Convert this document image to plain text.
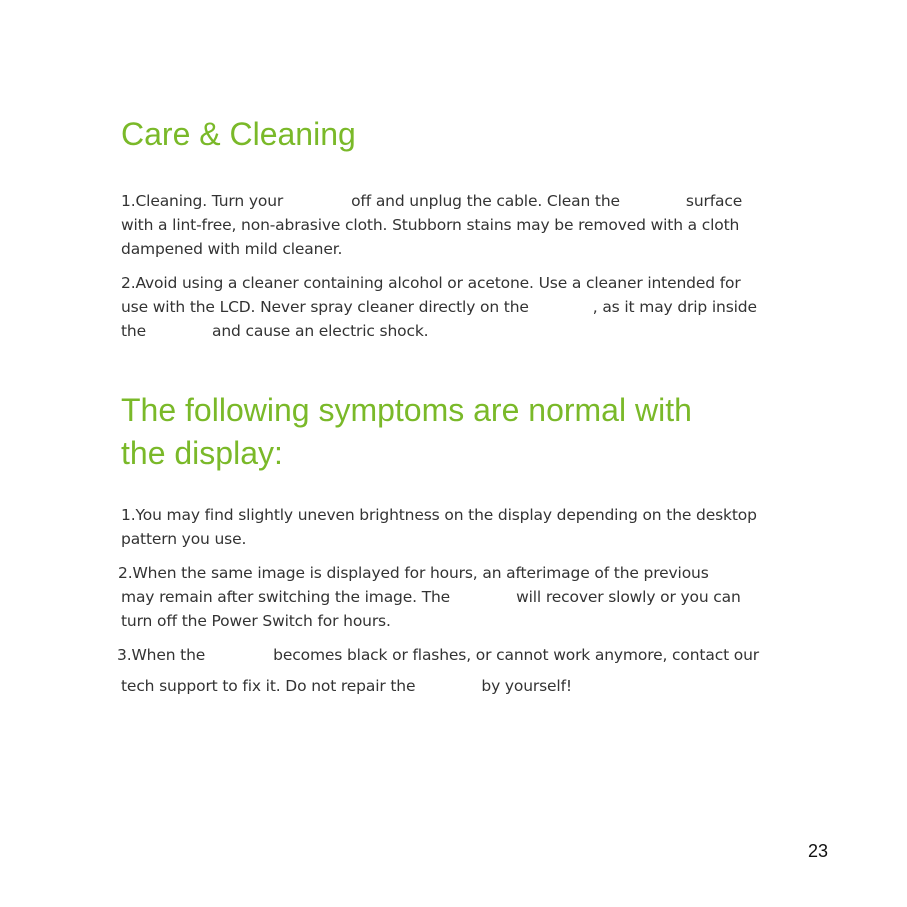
Care & Cleaning
1.Cleaning. Turn your	off and unplug the cable. Clean the	surface
with a lint-free, non-abrasive cloth. Stubborn stains may be removed with a cloth
dampened with mild cleaner.
2.Avoid using a cleaner containing alcohol or acetone. Use a cleaner intended for
use with the LCD. Never spray cleaner directly on the	, as it may drip inside
the	and cause an electric shock.
The following symptoms are normal with
the display:
1.You may find slightly uneven brightness on the display depending on the desktop
pattern you use.
2.When the same image is displayed for hours, an afterimage of the previous
may remain after switching the image. The	will recover slowly or you can
turn off the Power Switch for hours.
3.When the	becomes black or flashes, or cannot work anymore, contact our
tech support to fix it. Do not repair the	by yourself!
23
